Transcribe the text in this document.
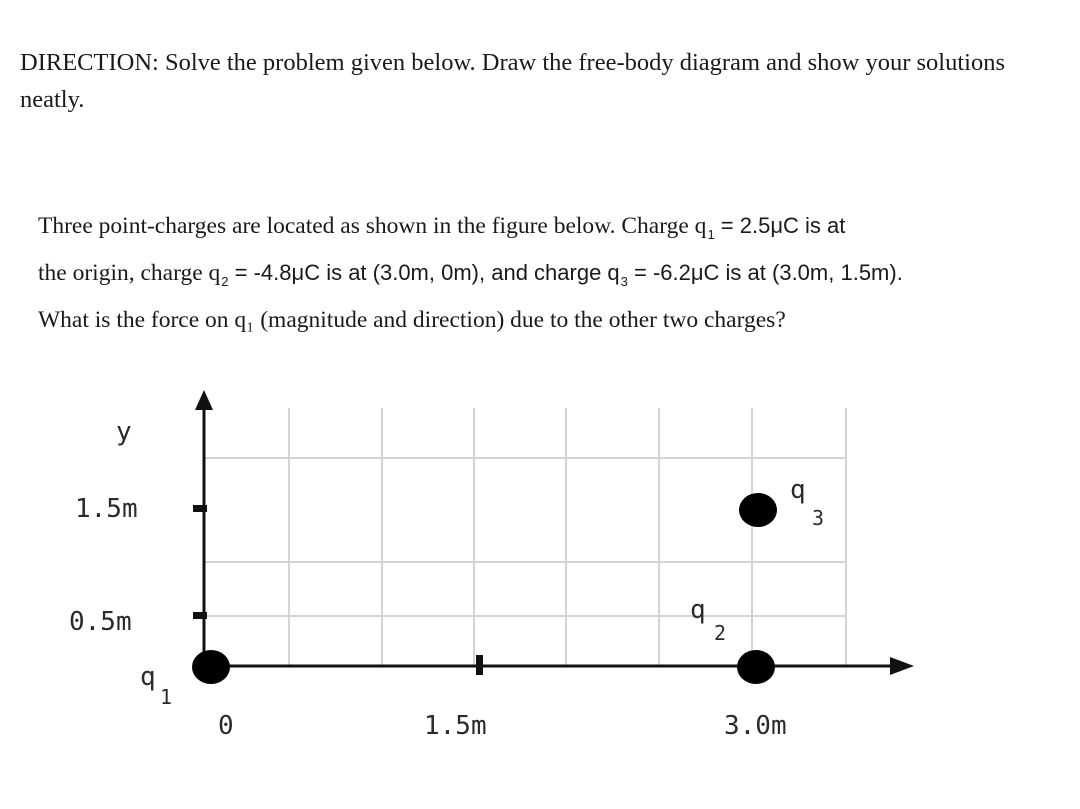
DIRECTION: Solve the problem given below. Draw the free-body diagram and show your solutions neatly.

Three point-charges are located as shown in the figure below. Charge $q_1 = 2.5\mu C$ is at
the origin, charge $q_2 = -4.8\mu C$ is at (3.0m, 0m), and charge $q_3 = -6.2\mu C$ is at (3.0m, 1.5m).
What is the force on q₁ (magnitude and direction) due to the other two charges?

y
1.5m
0.5m
0	1.5m	3.0m
q
1
q
2
q
3
